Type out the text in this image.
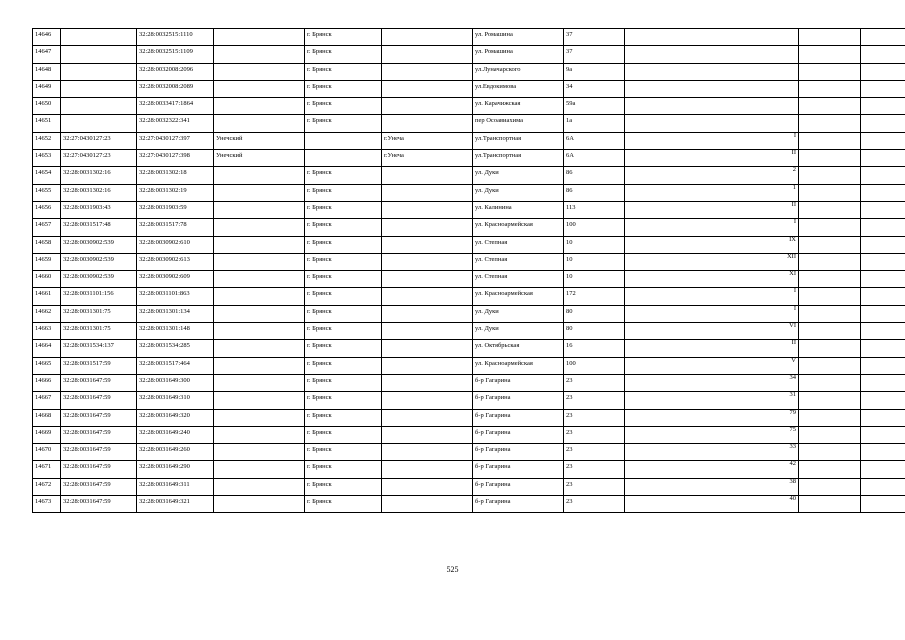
14646		32:28:0032515:1110		г. Брянск		ул. Ромашина	37				
14647		32:28:0032515:1109		г. Брянск		ул. Ромашина	37				
14648		32:28:0032008:2096		г. Брянск		ул.Луначарского	9а				
14649		32:28:0032008:2089		г. Брянск		ул.Евдокимова	34				
14650		32:28:0033417:1864		г. Брянск		ул. Карачижская	59а				
14651		32:28:0032322:341		г. Брянск		пер Осоавиахима	1а				
14652	32:27:0430127:23	32:27:0430127:397	Унечский		г.Унеча	ул.Транспортная	6А	I			
14653	32:27:0430127:23	32:27:0430127:398	Унечский		г.Унеча	ул.Транспортная	6А	II			
14654	32:28:0031302:16	32:28:0031302:18		г. Брянск		ул. Дуки	86	2			
14655	32:28:0031302:16	32:28:0031302:19		г. Брянск		ул. Дуки	86	1			
14656	32:28:0031903:43	32:28:0031903:59		г. Брянск		ул. Калинина	113	II			
14657	32:28:0031517:48	32:28:0031517:78		г. Брянск		ул. Красноармейская	100	I			
14658	32:28:0030902:539	32:28:0030902:610		г. Брянск		ул. Степная	10	IX			
14659	32:28:0030902:539	32:28:0030902:613		г. Брянск		ул. Степная	10	XII			
14660	32:28:0030902:539	32:28:0030902:609		г. Брянск		ул. Степная	10	XI			
14661	32:28:0031101:156	32:28:0031101:863		г. Брянск		ул. Красноармейская	172	I			
14662	32:28:0031301:75	32:28:0031301:134		г. Брянск		ул. Дуки	80	I			
14663	32:28:0031301:75	32:28:0031301:148		г. Брянск		ул. Дуки	80	VI			
14664	32:28:0031534:137	32:28:0031534:285		г. Брянск		ул. Октябрьская	16	II			
14665	32:28:0031517:59	32:28:0031517:464		г. Брянск		ул. Красноармейская	100	V			
14666	32:28:0031647:59	32:28:0031649:300		г. Брянск		б-р Гагарина	23	34			
14667	32:28:0031647:59	32:28:0031649:310		г. Брянск		б-р Гагарина	23	31			
14668	32:28:0031647:59	32:28:0031649:320		г. Брянск		б-р Гагарина	23	79			
14669	32:28:0031647:59	32:28:0031649:240		г. Брянск		б-р Гагарина	23	75			
14670	32:28:0031647:59	32:28:0031649:260		г. Брянск		б-р Гагарина	23	33			
14671	32:28:0031647:59	32:28:0031649:290		г. Брянск		б-р Гагарина	23	42			
14672	32:28:0031647:59	32:28:0031649:311		г. Брянск		б-р Гагарина	23	38			
14673	32:28:0031647:59	32:28:0031649:321		г. Брянск		б-р Гагарина	23	40			
525
